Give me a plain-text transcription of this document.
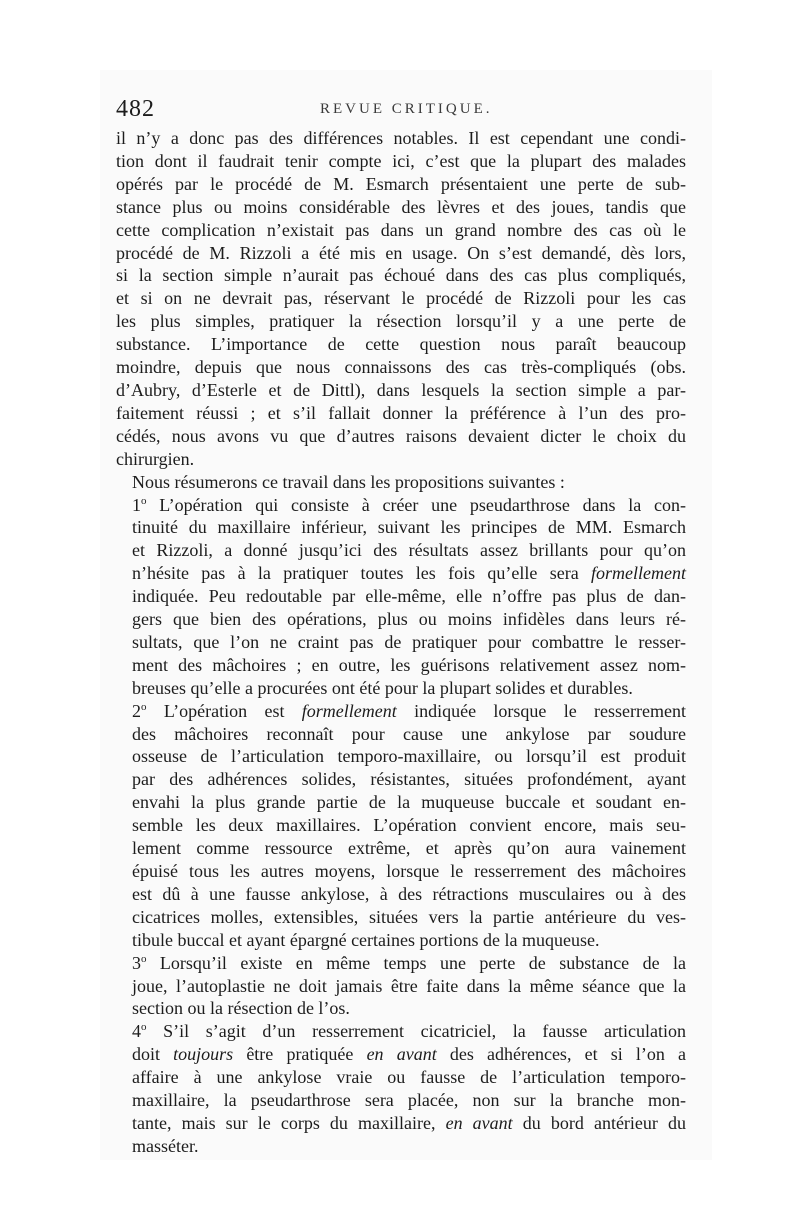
482	REVUE CRITIQUE.

il n’y a donc pas des différences notables. Il est cependant une condi-
tion dont il faudrait tenir compte ici, c’est que la plupart des malades
opérés par le procédé de M. Esmarch présentaient une perte de sub-
stance plus ou moins considérable des lèvres et des joues, tandis que
cette complication n’existait pas dans un grand nombre des cas où le
procédé de M. Rizzoli a été mis en usage. On s’est demandé, dès lors,
si la section simple n’aurait pas échoué dans des cas plus compliqués,
et si on ne devrait pas, réservant le procédé de Rizzoli pour les cas
les plus simples, pratiquer la résection lorsqu’il y a une perte de
substance. L’importance de cette question nous paraît beaucoup
moindre, depuis que nous connaissons des cas très-compliqués (obs.
d’Aubry, d’Esterle et de Dittl), dans lesquels la section simple a par-
faitement réussi ; et s’il fallait donner la préférence à l’un des pro-
cédés, nous avons vu que d’autres raisons devaient dicter le choix du
chirurgien.

Nous résumerons ce travail dans les propositions suivantes :

1$^o$ L’opération qui consiste à créer une pseudarthrose dans la con-
tinuité du maxillaire inférieur, suivant les principes de MM. Esmarch
et Rizzoli, a donné jusqu’ici des résultats assez brillants pour qu’on
n’hésite pas à la pratiquer toutes les fois qu’elle sera formellement
indiquée. Peu redoutable par elle-même, elle n’offre pas plus de dan-
gers que bien des opérations, plus ou moins infidèles dans leurs ré-
sultats, que l’on ne craint pas de pratiquer pour combattre le resser-
ment des mâchoires ; en outre, les guérisons relativement assez nom-
breuses qu’elle a procurées ont été pour la plupart solides et durables.

2$^o$ L’opération est formellement indiquée lorsque le resserrement
des mâchoires reconnaît pour cause une ankylose par soudure
osseuse de l’articulation temporo-maxillaire, ou lorsqu’il est produit
par des adhérences solides, résistantes, situées profondément, ayant
envahi la plus grande partie de la muqueuse buccale et soudant en-
semble les deux maxillaires. L’opération convient encore, mais seu-
lement comme ressource extrême, et après qu’on aura vainement
épuisé tous les autres moyens, lorsque le resserrement des mâchoires
est dû à une fausse ankylose, à des rétractions musculaires ou à des
cicatrices molles, extensibles, situées vers la partie antérieure du ves-
tibule buccal et ayant épargné certaines portions de la muqueuse.

3$^o$ Lorsqu’il existe en même temps une perte de substance de la
joue, l’autoplastie ne doit jamais être faite dans la même séance que la
section ou la résection de l’os.

4$^o$ S’il s’agit d’un resserrement cicatriciel, la fausse articulation
doit toujours être pratiquée en avant des adhérences, et si l’on a
affaire à une ankylose vraie ou fausse de l’articulation temporo-
maxillaire, la pseudarthrose sera placée, non sur la branche mon-
tante, mais sur le corps du maxillaire, en avant du bord antérieur du
masséter.
